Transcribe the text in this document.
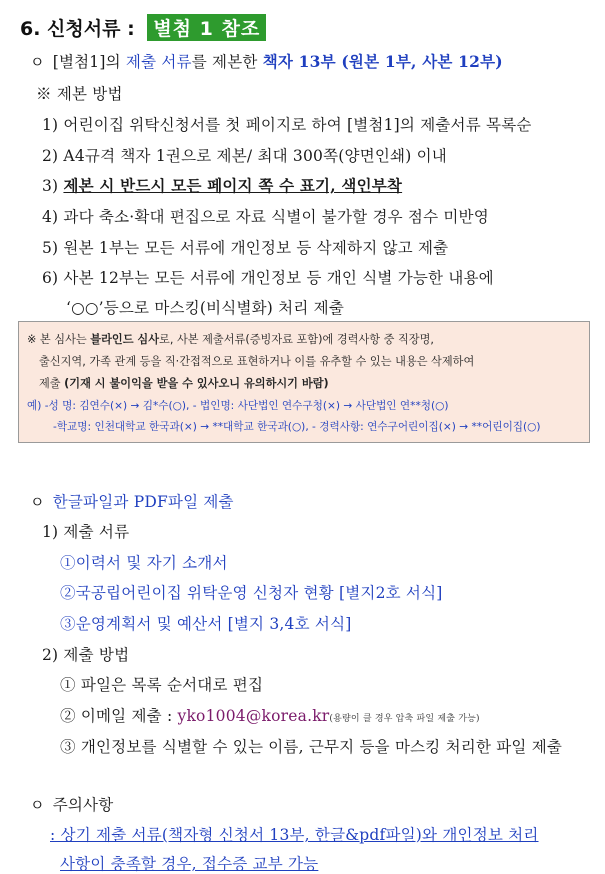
6. 신청서류 : 별첨 1 참조
ㅇ [별첨1]의 제출 서류를 제본한 책자 13부 (원본 1부, 사본 12부)
※ 제본 방법
1) 어린이집 위탁신청서를 첫 페이지로 하여 [별첨1]의 제출서류 목록순
2) A4규격 책자 1권으로 제본/ 최대 300쪽(양면인쇄) 이내
3) 제본 시 반드시 모든 페이지 쪽 수 표기, 색인부착
4) 과다 축소·확대 편집으로 자료 식별이 불가할 경우 점수 미반영
5) 원본 1부는 모든 서류에 개인정보 등 삭제하지 않고 제출
6) 사본 12부는 모든 서류에 개인정보 등 개인 식별 가능한 내용에
‘○○’등으로 마스킹(비식별화) 처리 제출
※ 본 심사는 블라인드 심사로, 사본 제출서류(증빙자료 포함)에 경력사항 중 직장명,
출신지역, 가족 관계 등을 직·간접적으로 표현하거나 이를 유추할 수 있는 내용은 삭제하여
제출 (기재 시 불이익을 받을 수 있사오니 유의하시기 바람)
예) -성 명: 김연수(×) → 김*수(○), - 법인명: 사단법인 연수구청(×) → 사단법인 연**청(○)
-학교명: 인천대학교 한국과(×) → **대학교 한국과(○), - 경력사항: 연수구어린이집(×) → **어린이집(○)
ㅇ 한글파일과 PDF파일 제출
1) 제출 서류
①이력서 및 자기 소개서
②국공립어린이집 위탁운영 신청자 현황 [별지2호 서식]
③운영계획서 및 예산서 [별지 3,4호 서식]
2) 제출 방법
① 파일은 목록 순서대로 편집
② 이메일 제출 : yko1004@korea.kr(용량이 클 경우 압축 파일 제출 가능)
③ 개인정보를 식별할 수 있는 이름, 근무지 등을 마스킹 처리한 파일 제출
ㅇ 주의사항
: 상기 제출 서류(책자형 신청서 13부, 한글&pdf파일)와 개인정보 처리
사항이 충족할 경우, 접수증 교부 가능
